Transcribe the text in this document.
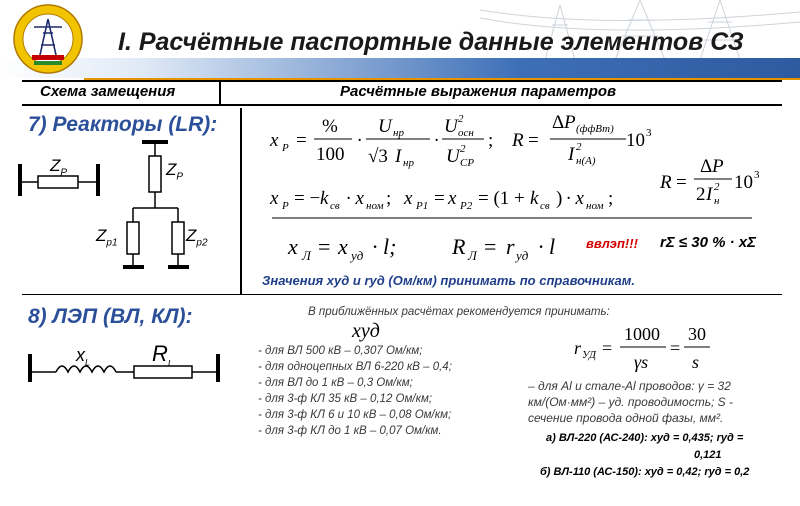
I. Расчётные паспортные данные элементов СЗ
Схема замещения	Расчётные выражения параметров
7) Реакторы (LR):
$Z_P$	$Z_P$
$Z_{p1}$	$Z_{p2}$
x Р =
%
100
·
U нр
√3 I нр
·
U 2
осн
U 2
СР
; R =
Δ P (ффВт)
I 2
н(А)
10 3
x Р = − k св · x ном ; x Р1 = x Р2 = (1 + k св ) · x ном ;
R =
Δ P
2 I 2
н
10 3
x Л = x уд · l;	R Л = r уд · l ввлэп!!! rΣ ≤ 30 % · xΣ
Значения xуд и rуд (Ом/км) принимать по справочникам.
8) ЛЭП (ВЛ, КЛ):
$x_L$	$R_L$
В приближённых расчётах рекомендуется принимать:
xуд
- для ВЛ 500 кВ – 0,307 Ом/км;
- для одноцепных ВЛ 6-220 кВ – 0,4;
- для ВЛ до 1 кВ – 0,3 Ом/км;
- для 3-ф КЛ 35 кВ – 0,12 Ом/км;
- для 3-ф КЛ 6 и 10 кВ – 0,08 Ом/км;
- для 3-ф КЛ до 1 кВ – 0,07 Ом/км.
r УД =
1000
γs
=
30
s
– для Al и стале-Al проводов: γ = 32
км/(Ом·мм²) – уд. проводимость; S -
сечение провода одной фазы, мм².
а) ВЛ-220 (АС-240): xуд = 0,435; rуд =
0,121
б) ВЛ-110 (АС-150): xуд = 0,42; rуд = 0,2
